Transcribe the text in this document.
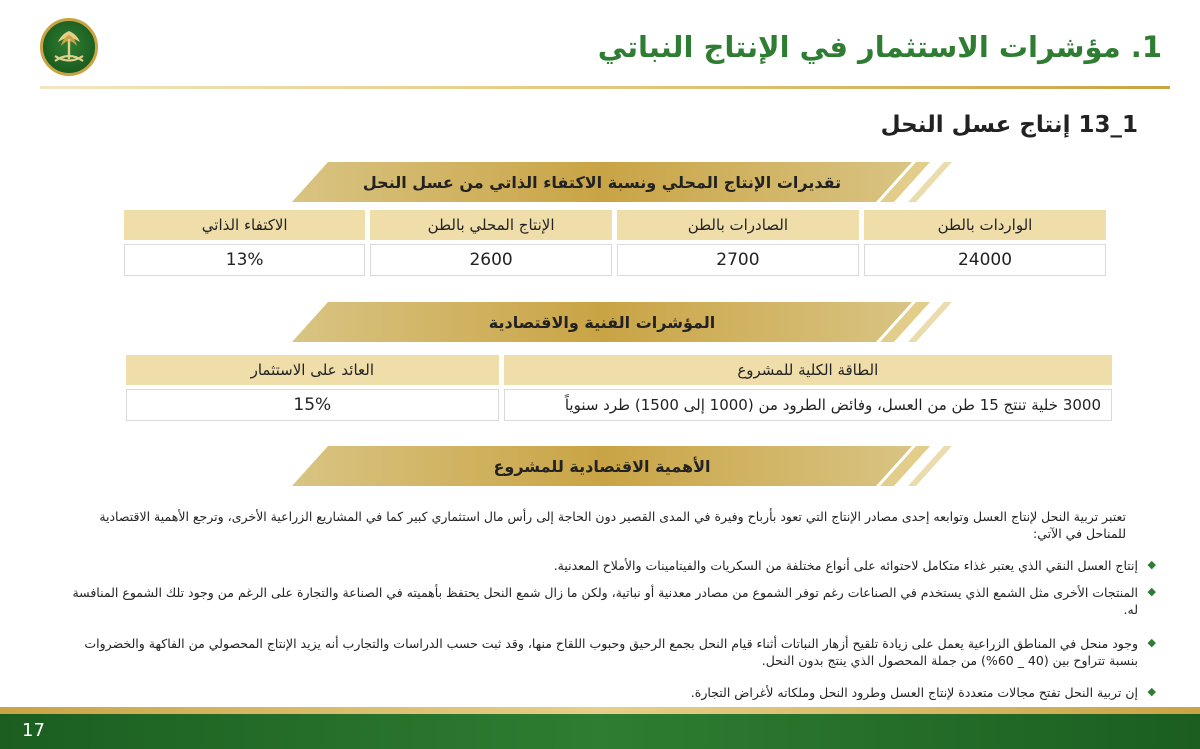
1. مؤشرات الاستثمار في الإنتاج النباتي
1_13 إنتاج عسل النحل
تقديرات الإنتاج المحلي ونسبة الاكتفاء الذاتي من عسل النحل
الواردات بالطن	الصادرات بالطن	الإنتاج المحلي بالطن	الاكتفاء الذاتي
24000	2700	2600	13%
المؤشرات الفنية والاقتصادية
الطاقة الكلية للمشروع	العائد على الاستثمار
3000 خلية تنتج 15 طن من العسل، وفائض الطرود من (1000 إلى 1500) طرد سنوياً	15%
الأهمية الاقتصادية للمشروع
تعتبر تربية النحل لإنتاج العسل وتوابعه إحدى مصادر الإنتاج التي تعود بأرباح وفيرة في المدى القصير دون الحاجة إلى رأس مال استثماري كبير كما في المشاريع الزراعية الأخرى، وترجع الأهمية الاقتصادية للمناحل في الآتي:
◆
إنتاج العسل النقي الذي يعتبر غذاء متكامل لاحتوائه على أنواع مختلفة من السكريات والفيتامينات والأملاح المعدنية.
◆
المنتجات الأخرى مثل الشمع الذي يستخدم في الصناعات رغم توفر الشموع من مصادر معدنية أو نباتية، ولكن ما زال شمع النحل يحتفظ بأهميته في الصناعة والتجارة على الرغم من وجود تلك الشموع المنافسة له.
◆
وجود منحل في المناطق الزراعية يعمل على زيادة تلقيح أزهار النباتات أثناء قيام النحل بجمع الرحيق وحبوب اللقاح منها، وقد ثبت حسب الدراسات والتجارب أنه يزيد الإنتاج المحصولي من الفاكهة والخضروات بنسبة تتراوح بين (40 _ 60%) من جملة المحصول الذي ينتج بدون النحل.
◆
إن تربية النحل تفتح مجالات متعددة لإنتاج العسل وطرود النحل وملكاته لأغراض التجارة.
17
